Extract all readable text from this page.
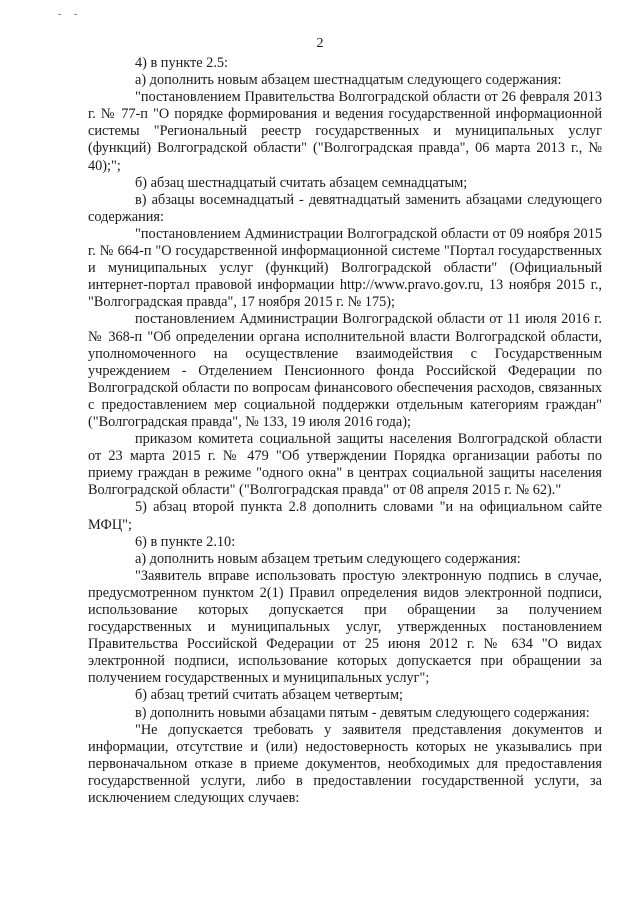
2

4) в пункте 2.5:

а) дополнить новым абзацем шестнадцатым следующего содержания:

"постановлением Правительства Волгоградской области от 26 февраля 2013 г. № 77-п "О порядке формирования и ведения государственной информационной системы "Региональный реестр государственных и муниципальных услуг (функций) Волгоградской области" ("Волгоградская правда", 06 марта 2013 г., № 40);";

б) абзац шестнадцатый считать абзацем семнадцатым;

в) абзацы восемнадцатый - девятнадцатый заменить абзацами следующего содержания:

"постановлением Администрации Волгоградской области от 09 ноября 2015 г. № 664-п "О государственной информационной системе "Портал государственных и муниципальных услуг (функций) Волгоградской области" (Официальный интернет-портал правовой информации http://www.pravo.gov.ru, 13 ноября 2015 г., "Волгоградская правда", 17 ноября 2015 г. № 175);

постановлением Администрации Волгоградской области от 11 июля 2016 г. № 368-п "Об определении органа исполнительной власти Волгоградской области, уполномоченного на осуществление взаимодействия с Государственным учреждением - Отделением Пенсионного фонда Российской Федерации по Волгоградской области по вопросам финансового обеспечения расходов, связанных с предоставлением мер социальной поддержки отдельным категориям граждан" ("Волгоградская правда", № 133, 19 июля 2016 года);

приказом комитета социальной защиты населения Волгоградской области от 23 марта 2015 г. № 479 "Об утверждении Порядка организации работы по приему граждан в режиме "одного окна" в центрах социальной защиты населения Волгоградской области" ("Волгоградская правда" от 08 апреля 2015 г. № 62)."

5) абзац второй пункта 2.8 дополнить словами "и на официальном сайте МФЦ";

6) в пункте 2.10:

а) дополнить новым абзацем третьим следующего содержания:

"Заявитель вправе использовать простую электронную подпись в случае, предусмотренном пунктом 2(1) Правил определения видов электронной подписи, использование которых допускается при обращении за получением государственных и муниципальных услуг, утвержденных постановлением Правительства Российской Федерации от 25 июня 2012 г. № 634 "О видах электронной подписи, использование которых допускается при обращении за получением государственных и муниципальных услуг";

б) абзац третий считать абзацем четвертым;

в) дополнить новыми абзацами пятым - девятым следующего содержания:

"Не допускается требовать у заявителя представления документов и информации, отсутствие и (или) недостоверность которых не указывались при первоначальном отказе в приеме документов, необходимых для предоставления государственной услуги, либо в предоставлении государственной услуги, за исключением следующих случаев:
